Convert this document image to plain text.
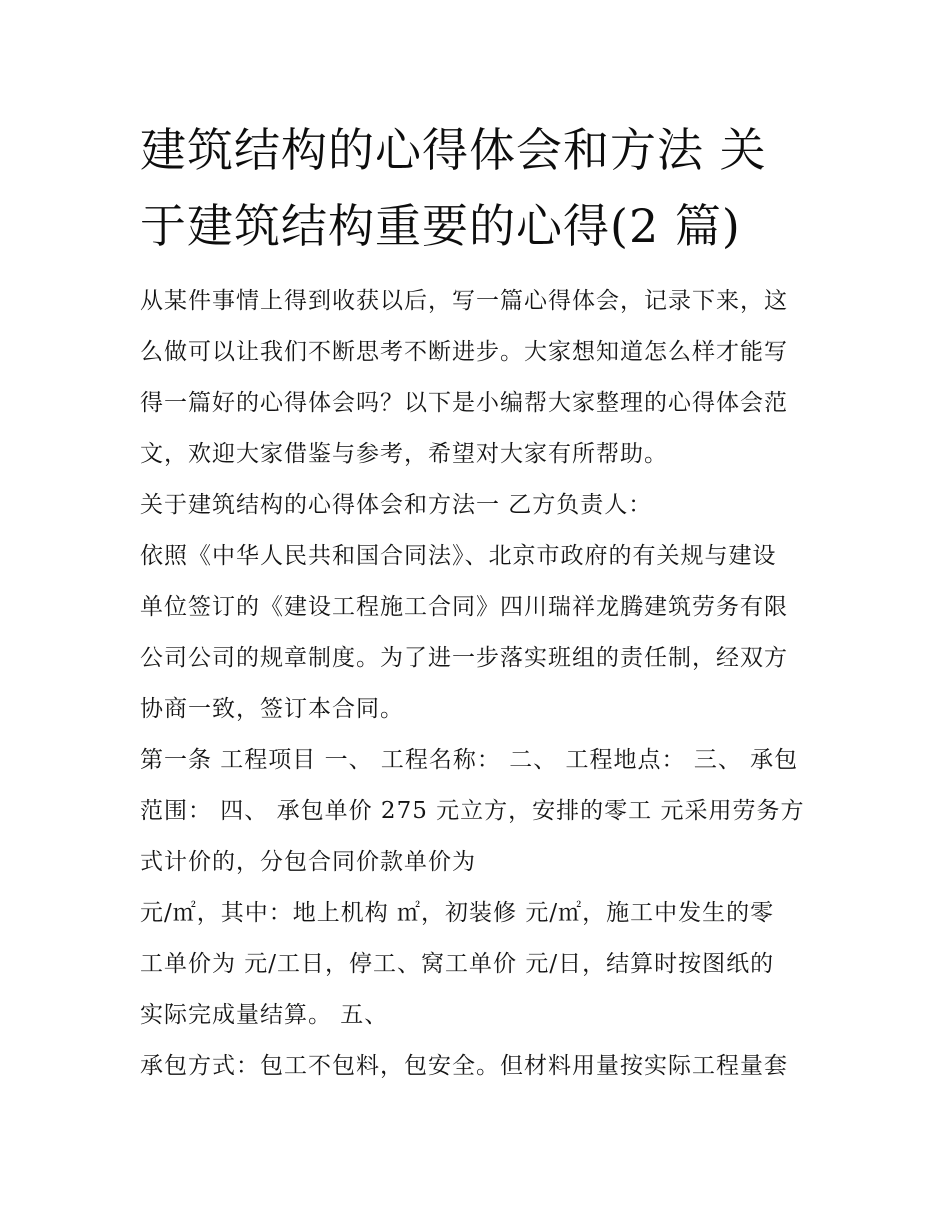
建筑结构的心得体会和方法 关
于建筑结构重要的心得(2 篇)

从某件事情上得到收获以后，写一篇心得体会，记录下来，这
么做可以让我们不断思考不断进步。大家想知道怎么样才能写
得一篇好的心得体会吗？以下是小编帮大家整理的心得体会范
文，欢迎大家借鉴与参考，希望对大家有所帮助。

关于建筑结构的心得体会和方法一 乙方负责人：

依照《中华人民共和国合同法》、北京市政府的有关规与建设
单位签订的《建设工程施工合同》四川瑞祥龙腾建筑劳务有限
公司公司的规章制度。为了进一步落实班组的责任制，经双方
协商一致，签订本合同。

第一条 工程项目 一、 工程名称： 二、 工程地点： 三、 承包
范围： 四、 承包单价 275 元立方，安排的零工 元采用劳务方
式计价的，分包合同价款单价为

元/㎡，其中：地上机构 ㎡，初装修 元/㎡，施工中发生的零
工单价为 元/工日，停工、窝工单价 元/日，结算时按图纸的
实际完成量结算。 五、

承包方式：包工不包料，包安全。但材料用量按实际工程量套
